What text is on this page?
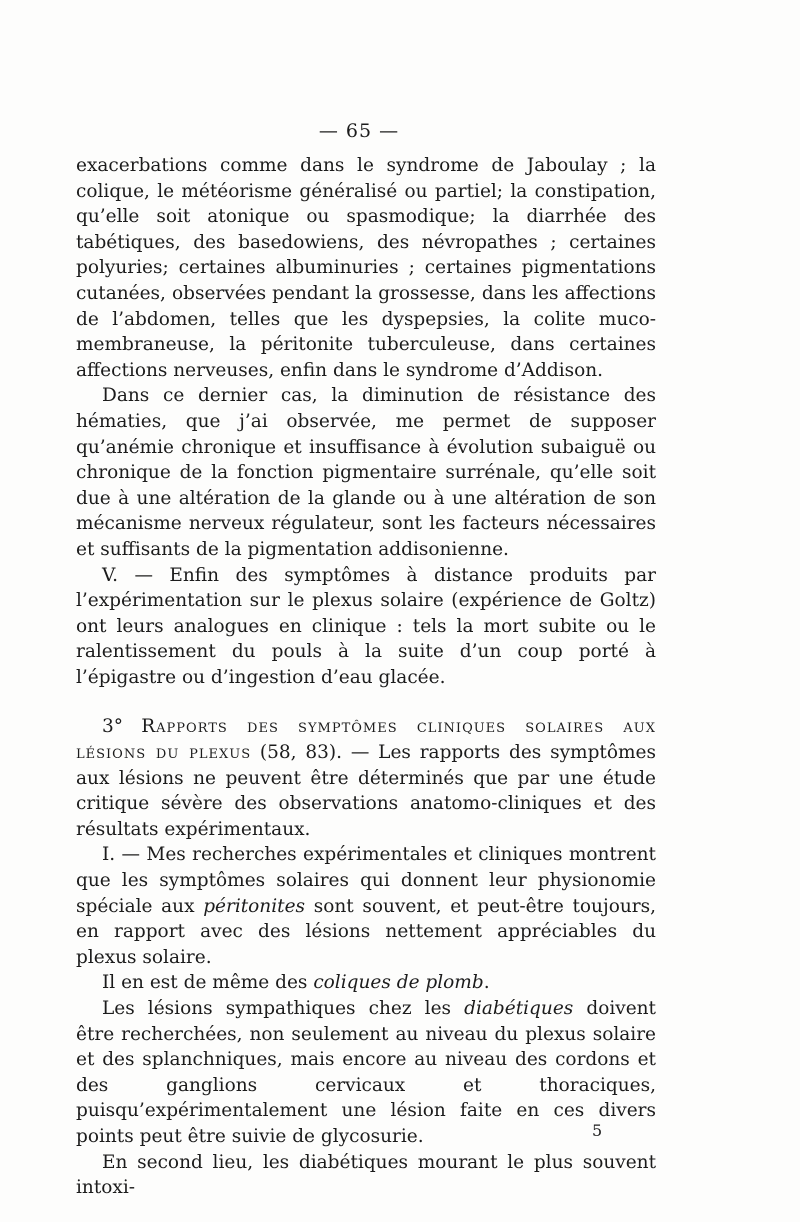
— 65 —

exacerbations comme dans le syndrome de Jaboulay ; la colique, le météorisme généralisé ou partiel; la constipation, qu’elle soit atonique ou spasmodique; la diarrhée des tabétiques, des basedowiens, des névropathes ; certaines polyuries; certaines albuminuries ; certaines pigmentations cutanées, observées pendant la grossesse, dans les affections de l’abdomen, telles que les dyspepsies, la colite muco-membraneuse, la péritonite tuberculeuse, dans certaines affections nerveuses, enfin dans le syndrome d’Addison.

Dans ce dernier cas, la diminution de résistance des hématies, que j’ai observée, me permet de supposer qu’anémie chronique et insuffisance à évolution subaiguë ou chronique de la fonction pigmentaire surrénale, qu’elle soit due à une altération de la glande ou à une altération de son mécanisme nerveux régulateur, sont les facteurs nécessaires et suffisants de la pigmentation addisonienne.

V. — Enfin des symptômes à distance produits par l’expérimentation sur le plexus solaire (expérience de Goltz) ont leurs analogues en clinique : tels la mort subite ou le ralentissement du pouls à la suite d’un coup porté à l’épigastre ou d’ingestion d’eau glacée.

3° Rapports des symptômes cliniques solaires aux lésions du plexus (58, 83). — Les rapports des symptômes aux lésions ne peuvent être déterminés que par une étude critique sévère des observations anatomo-cliniques et des résultats expérimentaux.

I. — Mes recherches expérimentales et cliniques montrent que les symptômes solaires qui donnent leur physionomie spéciale aux péritonites sont souvent, et peut-être toujours, en rapport avec des lésions nettement appréciables du plexus solaire.

Il en est de même des coliques de plomb.

Les lésions sympathiques chez les diabétiques doivent être recherchées, non seulement au niveau du plexus solaire et des splanchniques, mais encore au niveau des cordons et des ganglions cervicaux et thoraciques, puisqu’expérimentalement une lésion faite en ces divers points peut être suivie de glycosurie.

En second lieu, les diabétiques mourant le plus souvent intoxi-

5
